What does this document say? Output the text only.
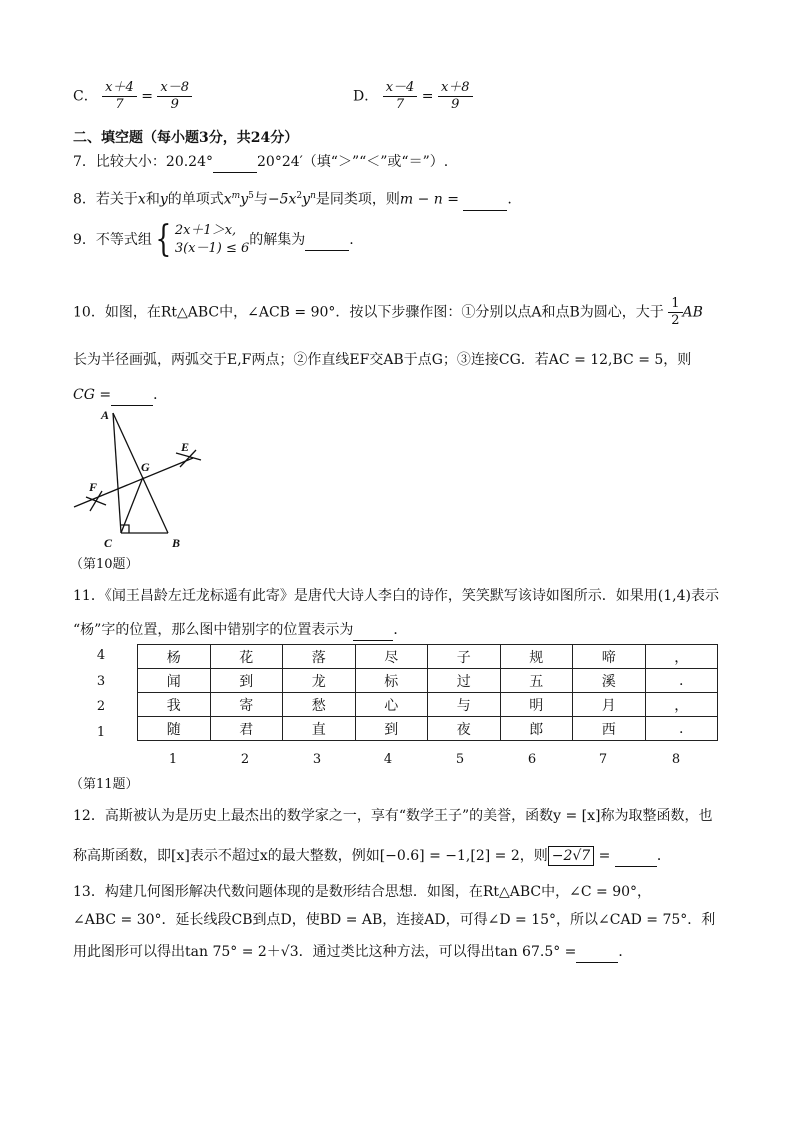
C． $\frac{x+4}{7} = \frac{x-8}{9}$	D． $\frac{x-4}{7} = \frac{x+8}{9}$
二、填空题（每小题3分，共24分）
7．比较大小：20.24°	20°24′（填“＞”“＜”或“＝”）.
8．若关于x和y的单项式$x^my^5$与$-5x^2y^n$是同类项，则m − n =	.
9．不等式组{ 2x＋1＞x,
3(x－1) ≤ 6
的解集为	.
10．如图，在Rt△ABC中，∠ACB = 90°．按以下步骤作图：①分别以点A和点B为圆心，大于 $\frac{1}{2}$ AB
长为半径画弧，两弧交于E,F两点；②作直线EF交AB于点G；③连接CG．若AC = 12,BC = 5，则
CG =	．
A
B
C
E
F
G
（第10题）
11．《闻王昌龄左迁龙标遥有此寄》是唐代大诗人李白的诗作，笑笑默写该诗如图所示．如果用(1,4)表示
“杨”字的位置，那么图中错别字的位置表示为	．
4
3
2
1
杨	花	落	尽	子	规	啼	，
闻	到	龙	标	过	五	溪	.
我	寄	愁	心	与	明	月	，
随	君	直	到	夜	郎	西	.
1	2	3	4	5	6	7	8
（第11题）
12．高斯被认为是历史上最杰出的数学家之一，享有“数学王子”的美誉，函数y = [x]称为取整函数，也
称高斯函数，即[x]表示不超过x的最大整数，例如[−0.6] = −1,[2] = 2，则 −2√7 =	．
13．构建几何图形解决代数问题体现的是数形结合思想．如图，在Rt△ABC中，∠C = 90°，
∠ABC = 30°．延长线段CB到点D，使BD = AB，连接AD，可得∠D = 15°，所以∠CAD = 75°．利
用此图形可以得出tan 75° = 2＋√3．通过类比这种方法，可以得出tan 67.5° =	．
